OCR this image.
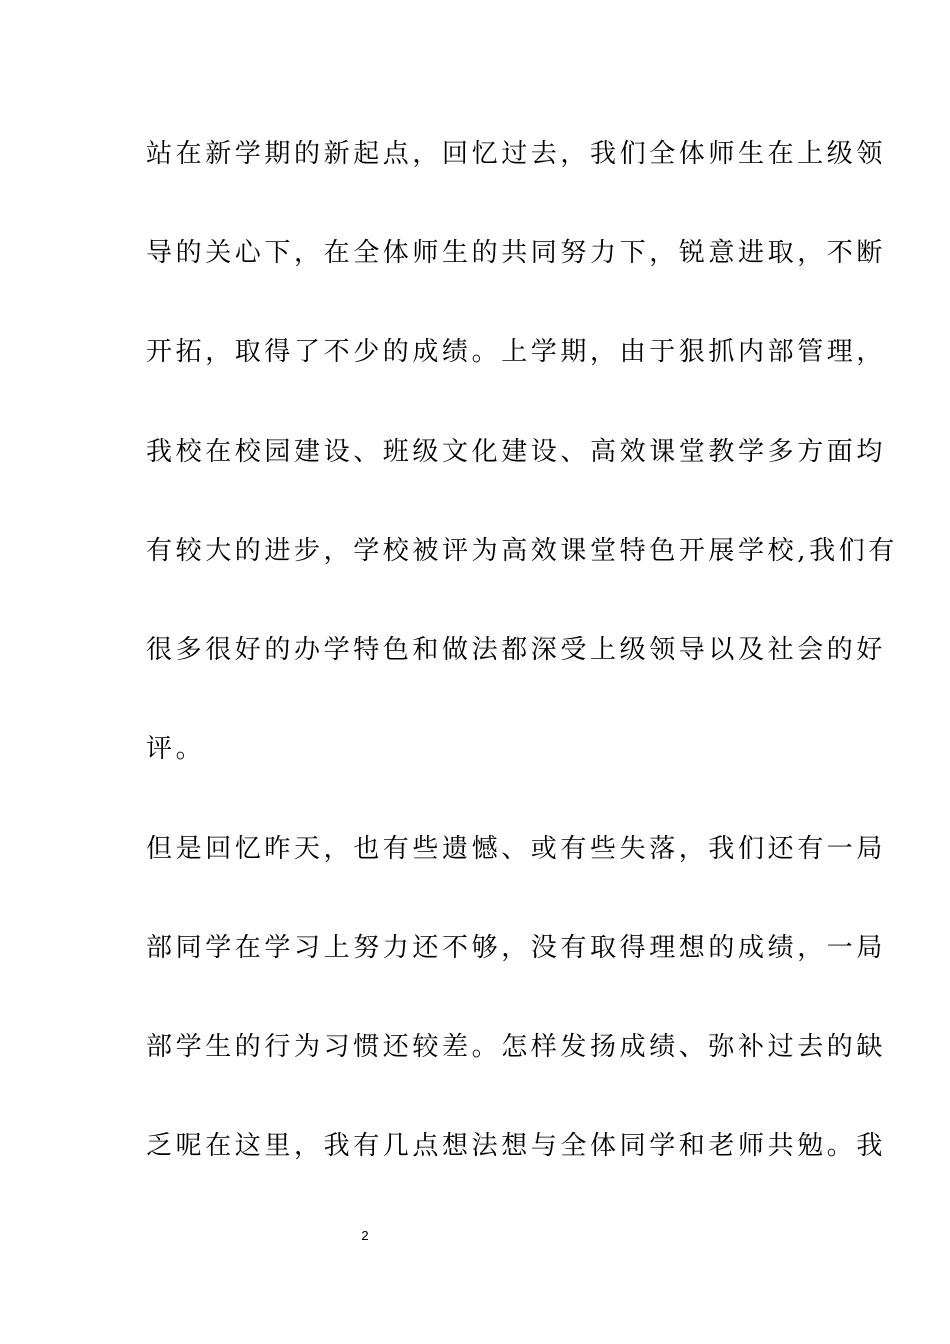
站在新学期的新起点，回忆过去，我们全体师生在上级领
导的关心下，在全体师生的共同努力下，锐意进取，不断
开拓，取得了不少的成绩。上学期，由于狠抓内部管理，
我校在校园建设、班级文化建设、高效课堂教学多方面均
有较大的进步，学校被评为高效课堂特色开展学校,我们有
很多很好的办学特色和做法都深受上级领导以及社会的好
评。
但是回忆昨天，也有些遗憾、或有些失落，我们还有一局
部同学在学习上努力还不够，没有取得理想的成绩，一局
部学生的行为习惯还较差。怎样发扬成绩、弥补过去的缺
乏呢在这里，我有几点想法想与全体同学和老师共勉。我
2
